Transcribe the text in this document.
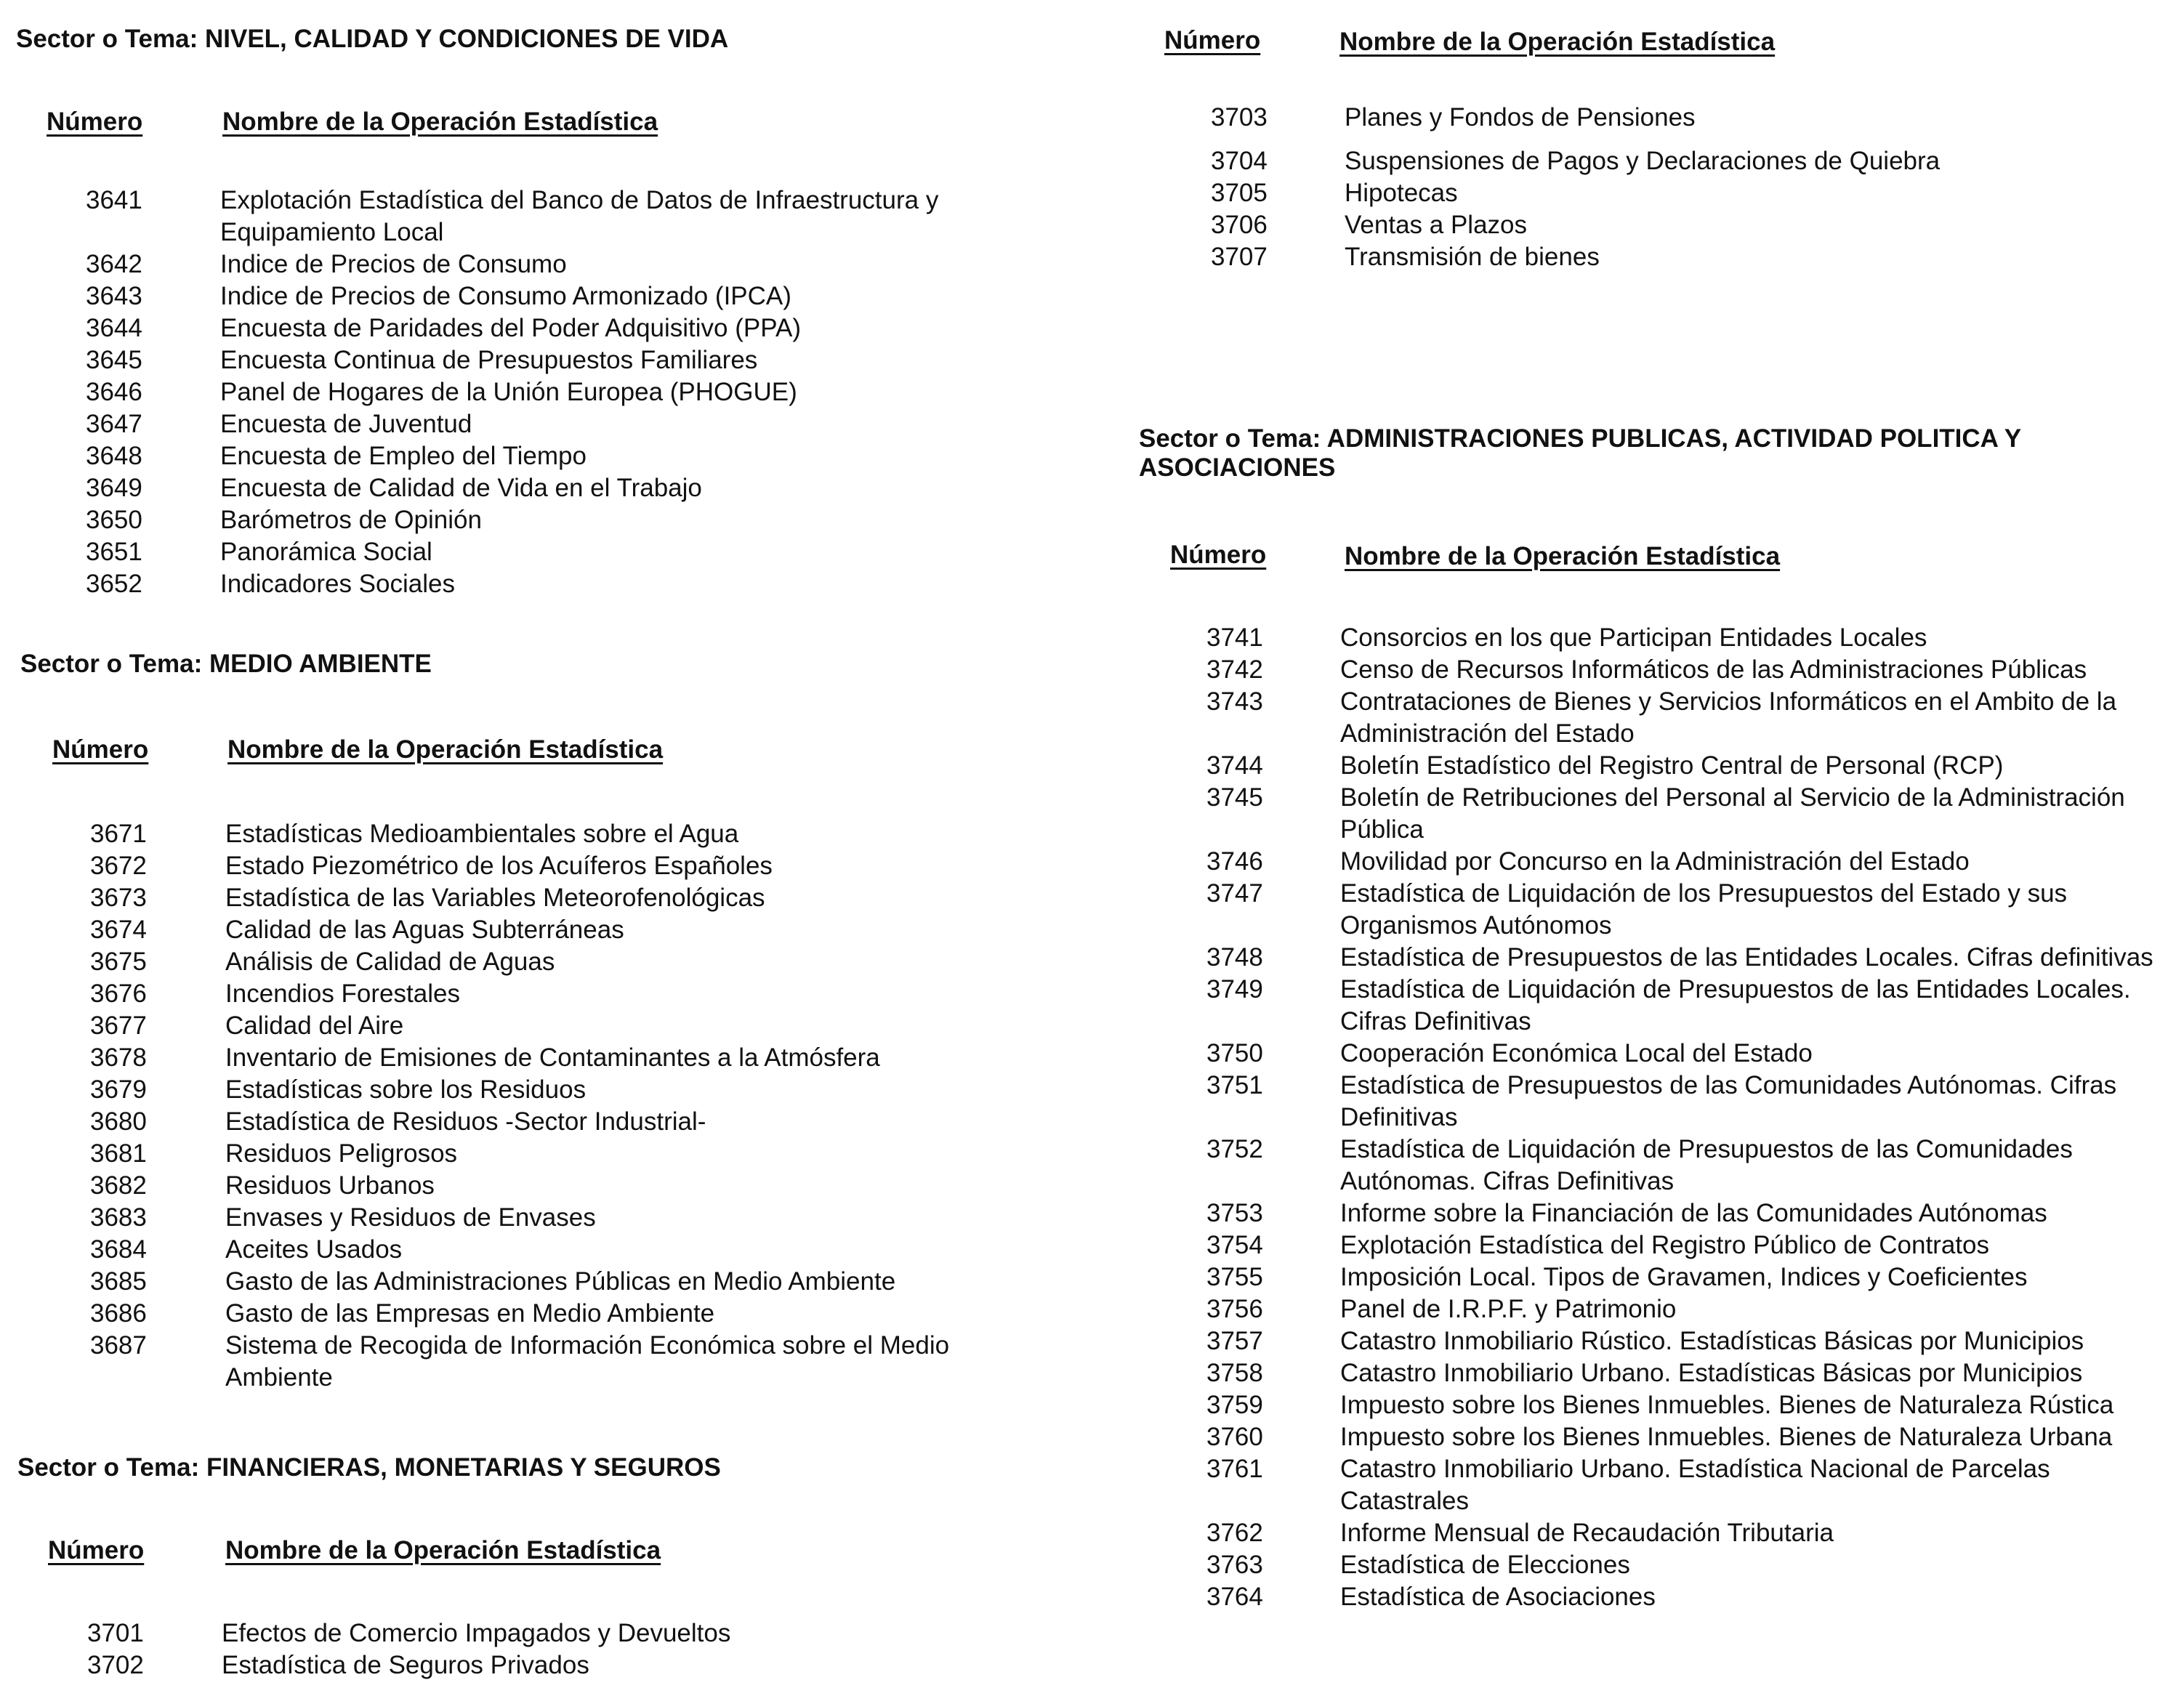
Sector o Tema: NIVEL, CALIDAD Y CONDICIONES DE VIDA
Número	Nombre de la Operación Estadística
3641	Explotación Estadística del Banco de Datos de Infraestructura y Equipamiento Local
3642	Indice de Precios de Consumo
3643	Indice de Precios de Consumo Armonizado (IPCA)
3644	Encuesta de Paridades del Poder Adquisitivo (PPA)
3645	Encuesta Continua de Presupuestos Familiares
3646	Panel de Hogares de la Unión Europea (PHOGUE)
3647	Encuesta de Juventud
3648	Encuesta de Empleo del Tiempo
3649	Encuesta de Calidad de Vida en el Trabajo
3650	Barómetros de Opinión
3651	Panorámica Social
3652	Indicadores Sociales
Sector o Tema: MEDIO AMBIENTE
Número	Nombre de la Operación Estadística
3671	Estadísticas Medioambientales sobre el Agua
3672	Estado Piezométrico de los Acuíferos Españoles
3673	Estadística de las Variables Meteorofenológicas
3674	Calidad de las Aguas Subterráneas
3675	Análisis de Calidad de Aguas
3676	Incendios Forestales
3677	Calidad del Aire
3678	Inventario de Emisiones de Contaminantes a la Atmósfera
3679	Estadísticas sobre los Residuos
3680	Estadística de Residuos -Sector Industrial-
3681	Residuos Peligrosos
3682	Residuos Urbanos
3683	Envases y Residuos de Envases
3684	Aceites Usados
3685	Gasto de las Administraciones Públicas en Medio Ambiente
3686	Gasto de las Empresas en Medio Ambiente
3687	Sistema de Recogida de Información Económica sobre el Medio Ambiente
Sector o Tema: FINANCIERAS, MONETARIAS Y SEGUROS
Número	Nombre de la Operación Estadística
3701	Efectos de Comercio Impagados y Devueltos
3702	Estadística de Seguros Privados
Número	Nombre de la Operación Estadística
3703	Planes y Fondos de Pensiones
3704	Suspensiones de Pagos y Declaraciones de Quiebra
3705	Hipotecas
3706	Ventas a Plazos
3707	Transmisión de bienes
Sector o Tema: ADMINISTRACIONES PUBLICAS, ACTIVIDAD POLITICA Y ASOCIACIONES
Número	Nombre de la Operación Estadística
3741	Consorcios en los que Participan Entidades Locales
3742	Censo de Recursos Informáticos de las Administraciones Públicas
3743	Contrataciones de Bienes y Servicios Informáticos en el Ambito de la Administración del Estado
3744	Boletín Estadístico del Registro Central de Personal (RCP)
3745	Boletín de Retribuciones del Personal al Servicio de la Administración Pública
3746	Movilidad por Concurso en la Administración del Estado
3747	Estadística de Liquidación de los Presupuestos del Estado y sus Organismos Autónomos
3748	Estadística de Presupuestos de las Entidades Locales. Cifras definitivas
3749	Estadística de Liquidación de Presupuestos de las Entidades Locales. Cifras Definitivas
3750	Cooperación Económica Local del Estado
3751	Estadística de Presupuestos de las Comunidades Autónomas. Cifras Definitivas
3752	Estadística de Liquidación de Presupuestos de las Comunidades Autónomas. Cifras Definitivas
3753	Informe sobre la Financiación de las Comunidades Autónomas
3754	Explotación Estadística del Registro Público de Contratos
3755	Imposición Local. Tipos de Gravamen, Indices y Coeficientes
3756	Panel de I.R.P.F. y Patrimonio
3757	Catastro Inmobiliario Rústico. Estadísticas Básicas por Municipios
3758	Catastro Inmobiliario Urbano. Estadísticas Básicas por Municipios
3759	Impuesto sobre los Bienes Inmuebles. Bienes de Naturaleza Rústica
3760	Impuesto sobre los Bienes Inmuebles. Bienes de Naturaleza Urbana
3761	Catastro Inmobiliario Urbano. Estadística Nacional de Parcelas Catastrales
3762	Informe Mensual de Recaudación Tributaria
3763	Estadística de Elecciones
3764	Estadística de Asociaciones
